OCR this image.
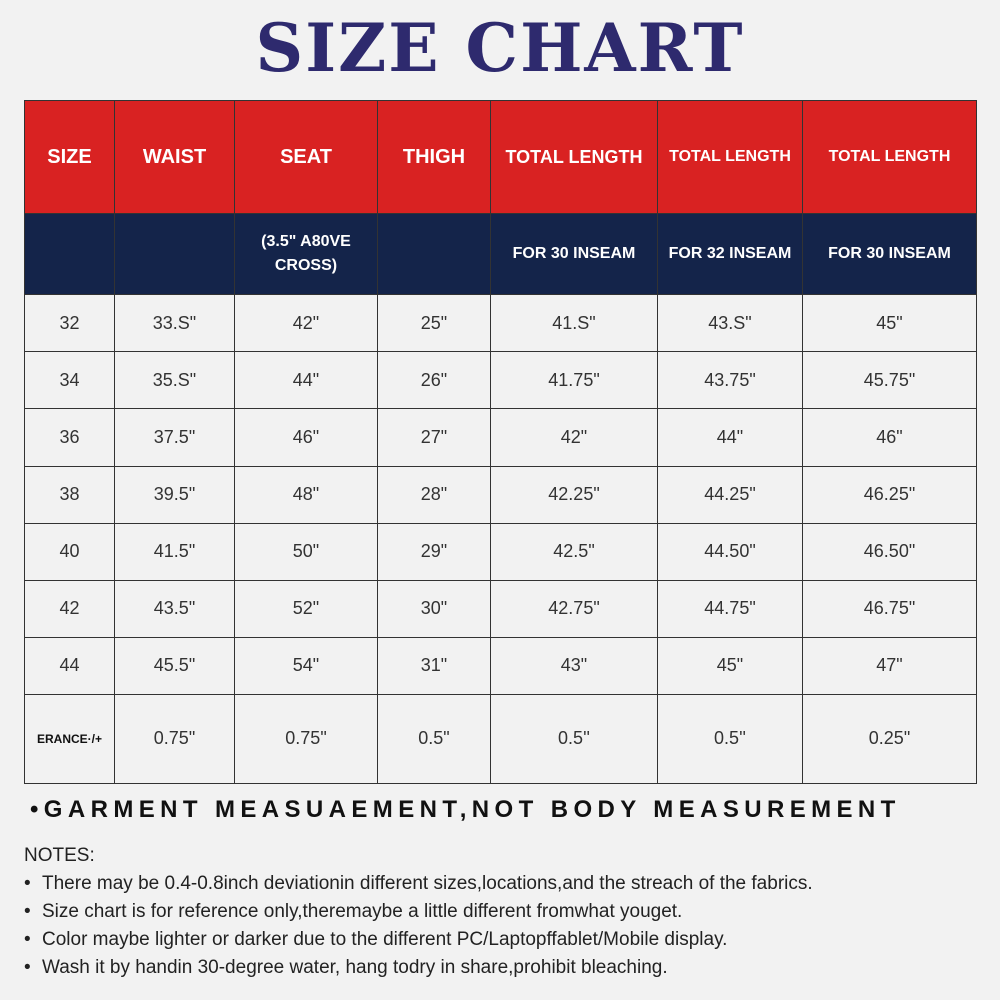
SIZE CHART
SIZE	WAIST	SEAT	THIGH	TOTAL LENGTH	TOTAL LENGTH	TOTAL LENGTH
		(3.5" A80VE CROSS)		FOR 30 INSEAM	FOR 32 INSEAM	FOR 30 INSEAM
32	33.S"	42"	25"	41.S"	43.S"	45"
34	35.S"	44"	26"	41.75"	43.75"	45.75"
36	37.5"	46"	27"	42"	44"	46"
38	39.5"	48"	28"	42.25"	44.25"	46.25"
40	41.5"	50"	29"	42.5"	44.50"	46.50"
42	43.5"	52"	30"	42.75"	44.75"	46.75"
44	45.5"	54"	31"	43"	45"	47"
ERANCE·/+	0.75"	0.75"	0.5"	0.5''	0.5''	0.25"
•GARMENT MEASUAEMENT,NOT BODY MEASUREMENT
NOTES:
• There may be 0.4-0.8inch deviationin different sizes,locations,and the streach of the fabrics.
• Size chart is for reference only,theremaybe a little different fromwhat youget.
• Color maybe lighter or darker due to the different PC/Laptopffablet/Mobile display.
• Wash it by handin 30-degree water, hang todry in share,prohibit bleaching.
